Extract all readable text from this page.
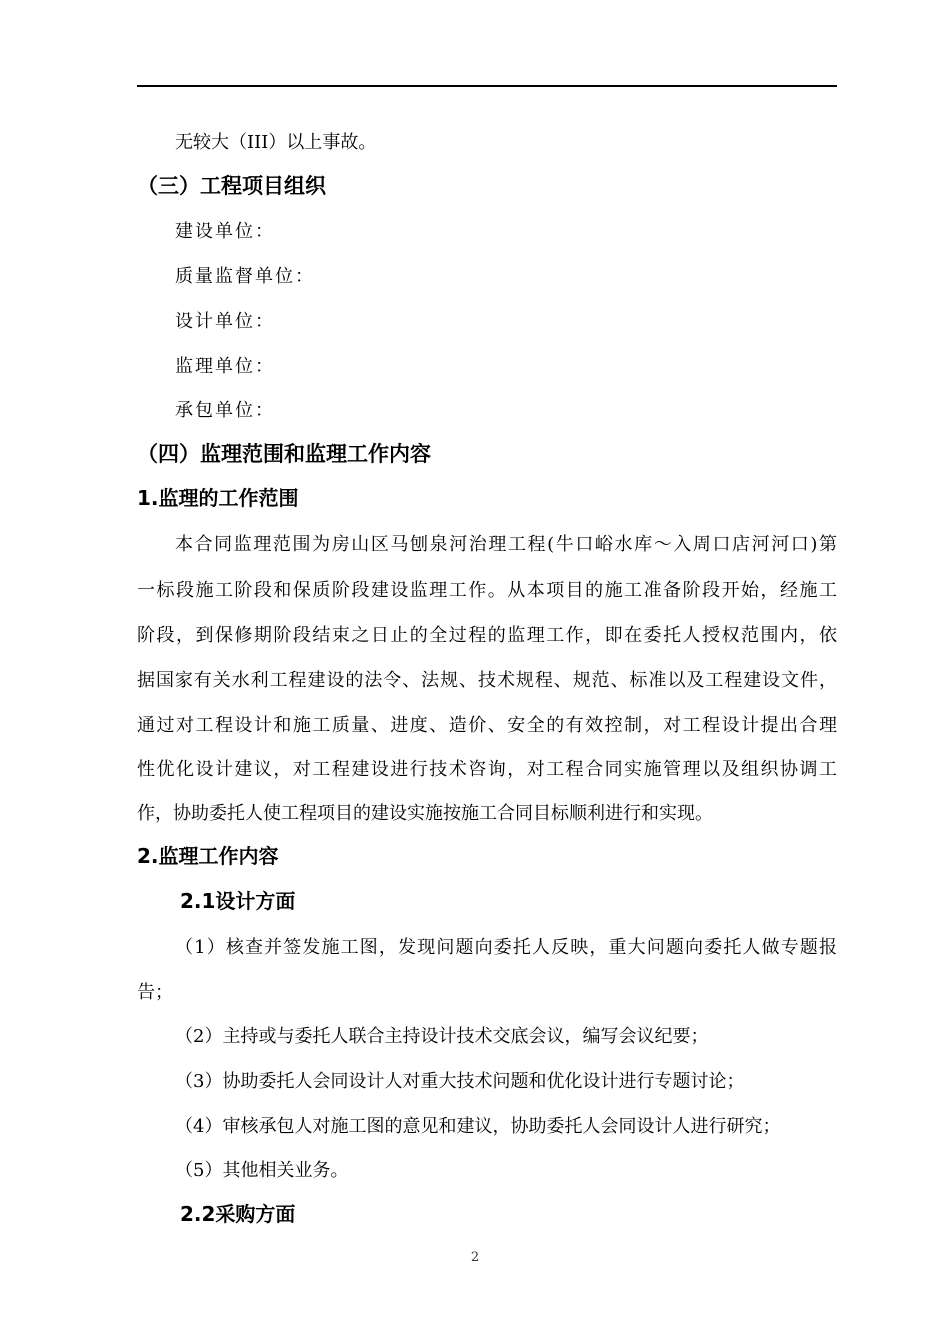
无较大（III）以上事故。
（三）工程项目组织
建设单位：
质量监督单位：
设计单位：
监理单位：
承包单位：
（四）监理范围和监理工作内容
1.监理的工作范围
本合同监理范围为房山区马刨泉河治理工程(牛口峪水库～入周口店河河口)第
一标段施工阶段和保质阶段建设监理工作。从本项目的施工准备阶段开始，经施工
阶段，到保修期阶段结束之日止的全过程的监理工作，即在委托人授权范围内，依
据国家有关水利工程建设的法令、法规、技术规程、规范、标准以及工程建设文件，
通过对工程设计和施工质量、进度、造价、安全的有效控制，对工程设计提出合理
性优化设计建议，对工程建设进行技术咨询，对工程合同实施管理以及组织协调工
作，协助委托人使工程项目的建设实施按施工合同目标顺利进行和实现。
2.监理工作内容
2.1设计方面
（1）核查并签发施工图，发现问题向委托人反映，重大问题向委托人做专题报
告；
（2）主持或与委托人联合主持设计技术交底会议，编写会议纪要；
（3）协助委托人会同设计人对重大技术问题和优化设计进行专题讨论；
（4）审核承包人对施工图的意见和建议，协助委托人会同设计人进行研究；
（5）其他相关业务。
2.2采购方面
2
